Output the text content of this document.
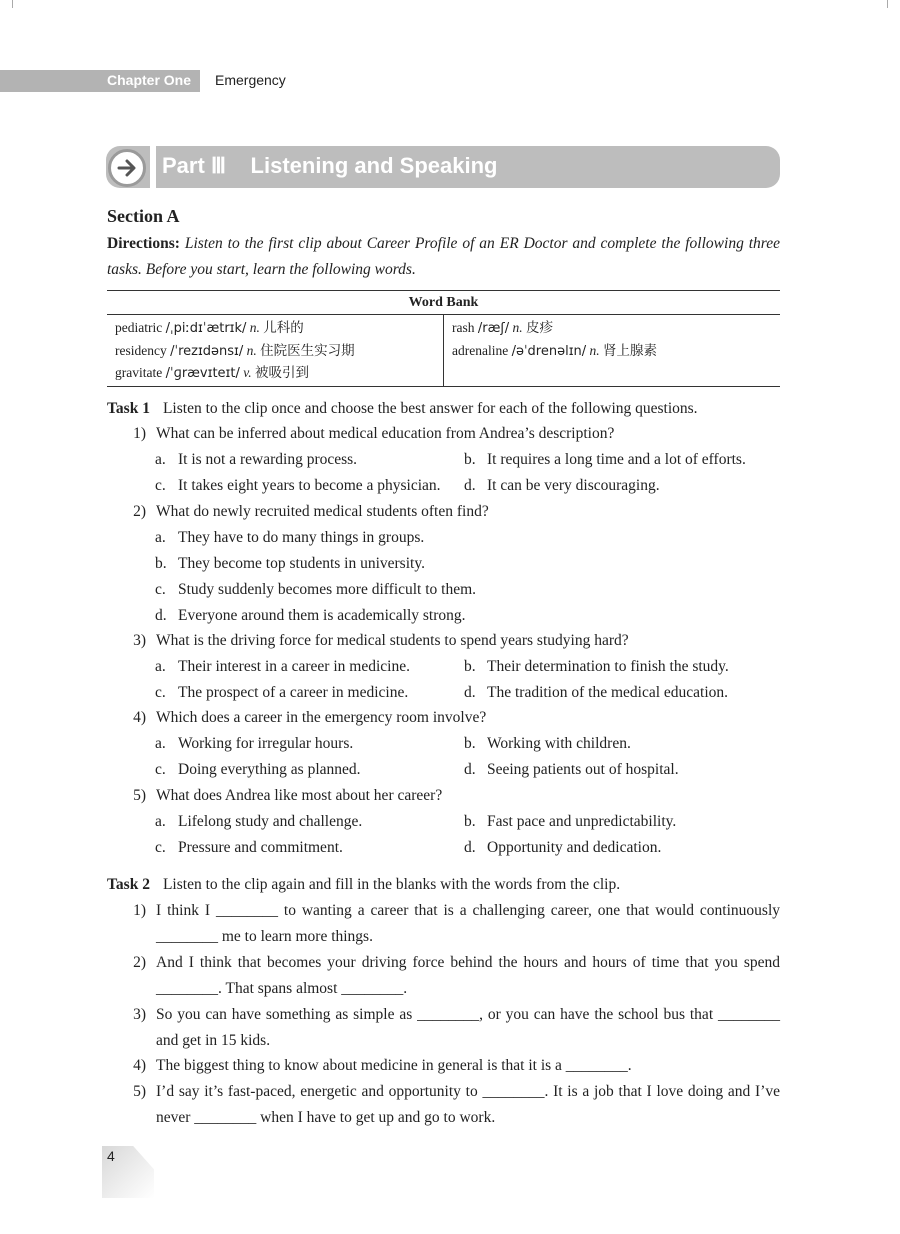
Chapter One Emergency
Part Ⅲ    Listening and Speaking
Section A
Directions: Listen to the first clip about Career Profile of an ER Doctor and complete the following three tasks. Before you start, learn the following words.
Word Bank
pediatric /ˌpiːdɪˈætrɪk/ n. 儿科的
residency /ˈrezɪdənsɪ/ n. 住院医生实习期
gravitate /ˈɡrævɪteɪt/ v. 被吸引到
rash /ræʃ/ n. 皮疹
adrenaline /əˈdrenəlɪn/ n. 肾上腺素
Task 1 Listen to the clip once and choose the best answer for each of the following questions.
1) What can be inferred about medical education from Andrea’s description?
a. It is not a rewarding process.	b. It requires a long time and a lot of efforts.
c. It takes eight years to become a physician. d. It can be very discouraging.
2) What do newly recruited medical students often find?
a. They have to do many things in groups.
b. They become top students in university.
c. Study suddenly becomes more difficult to them.
d. Everyone around them is academically strong.
3) What is the driving force for medical students to spend years studying hard?
a. Their interest in a career in medicine.	b. Their determination to finish the study.
c. The prospect of a career in medicine.	d. The tradition of the medical education.
4) Which does a career in the emergency room involve?
a. Working for irregular hours.	b. Working with children.
c. Doing everything as planned.	d. Seeing patients out of hospital.
5) What does Andrea like most about her career?
a. Lifelong study and challenge.	b. Fast pace and unpredictability.
c. Pressure and commitment.	d. Opportunity and dedication.
Task 2 Listen to the clip again and fill in the blanks with the words from the clip.
1) I think I ________ to wanting a career that is a challenging career, one that would continuously ________ me to learn more things.
2) And I think that becomes your driving force behind the hours and hours of time that you spend ________. That spans almost ________.
3) So you can have something as simple as ________, or you can have the school bus that ________ and get in 15 kids.
4) The biggest thing to know about medicine in general is that it is a ________.
5) I’d say it’s fast-paced, energetic and opportunity to ________. It is a job that I love doing and I’ve never ________ when I have to get up and go to work.
4
